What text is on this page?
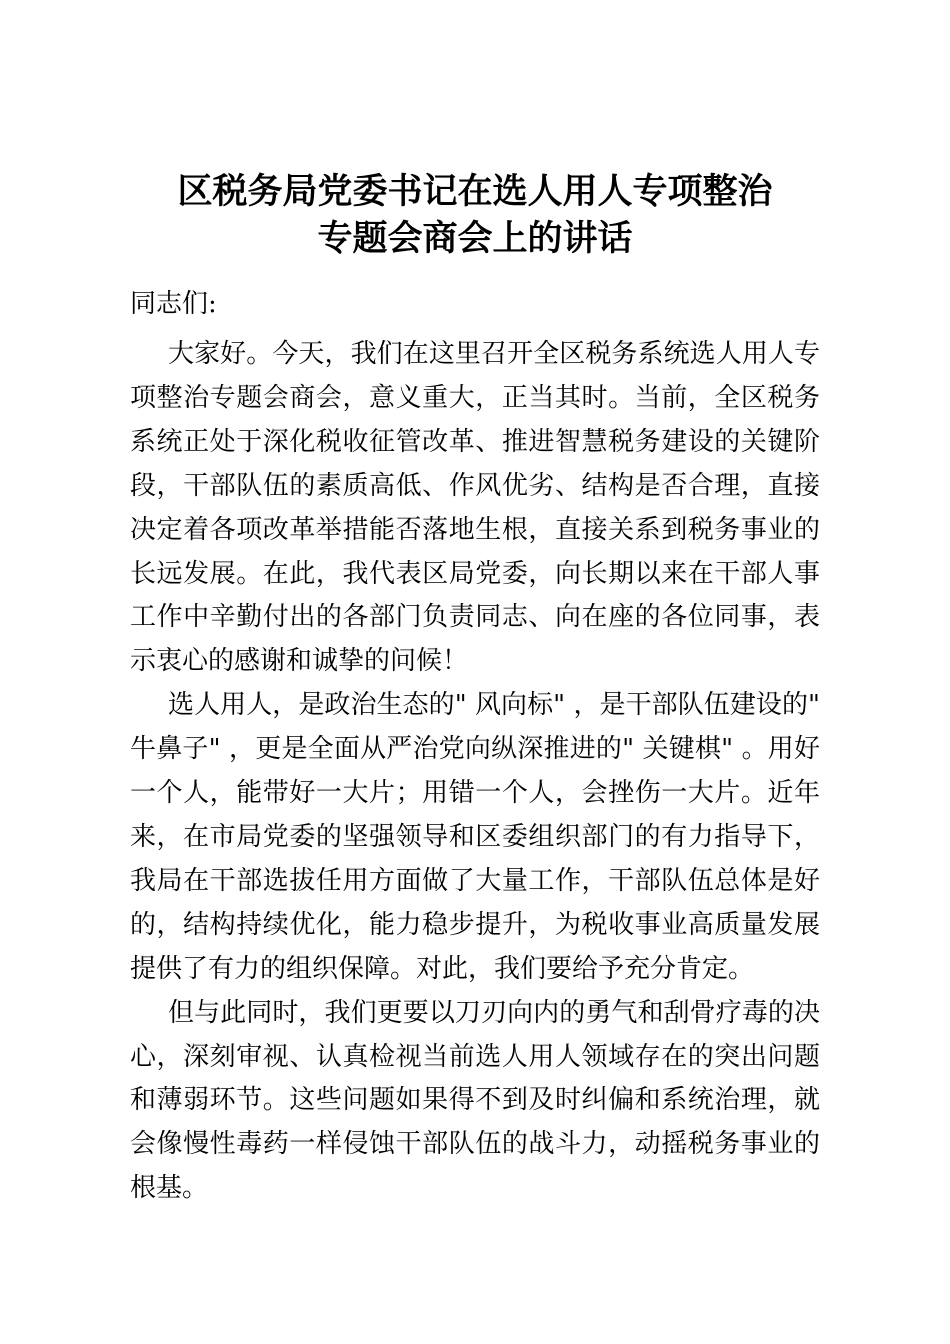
区税务局党委书记在选人用人专项整治
专题会商会上的讲话

同志们:

大家好。今天，我们在这里召开全区税务系统选人用人专项整治专题会商会，意义重大，正当其时。当前，全区税务系统正处于深化税收征管改革、推进智慧税务建设的关键阶段，干部队伍的素质高低、作风优劣、结构是否合理，直接决定着各项改革举措能否落地生根，直接关系到税务事业的长远发展。在此，我代表区局党委，向长期以来在干部人事工作中辛勤付出的各部门负责同志、向在座的各位同事，表示衷心的感谢和诚挚的问候！

选人用人，是政治生态的" 风向标" ，是干部队伍建设的" 牛鼻子" ，更是全面从严治党向纵深推进的" 关键棋" 。用好一个人，能带好一大片；用错一个人，会挫伤一大片。近年来，在市局党委的坚强领导和区委组织部门的有力指导下，我局在干部选拔任用方面做了大量工作，干部队伍总体是好的，结构持续优化，能力稳步提升，为税收事业高质量发展提供了有力的组织保障。对此，我们要给予充分肯定。

但与此同时，我们更要以刀刃向内的勇气和刮骨疗毒的决心，深刻审视、认真检视当前选人用人领域存在的突出问题和薄弱环节。这些问题如果得不到及时纠偏和系统治理，就会像慢性毒药一样侵蚀干部队伍的战斗力，动摇税务事业的根基。
